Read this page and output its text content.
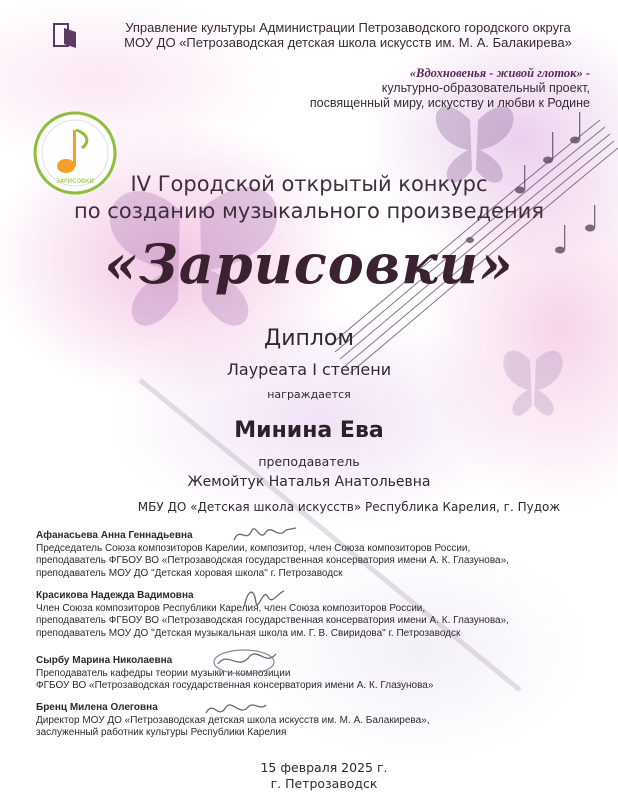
Управление культуры Администрации Петрозаводского городского округа
МОУ ДО «Петрозаводская детская школа искусств им. М. А. Балакирева»
«Вдохновенья - живой глоток» -
культурно-образовательный проект,
посвященный миру, искусству и любви к Родине
ЗАРИСОВКИ	IV Городской открытый конкурс
по созданию музыкального произведения
«Зарисовки»
Диплом
Лауреата I степени
награждается
Минина Ева
преподаватель
Жемойтук Наталья Анатольевна
МБУ ДО «Детская школа искусств» Республика Карелия, г. Пудож
Афанасьева Анна Геннадьевна
Председатель Союза композиторов Карелии, композитор, член Союза композиторов России,
преподаватель ФГБОУ ВО «Петрозаводская государственная консерватория имени А. К. Глазунова»,
преподаватель МОУ ДО "Детская хоровая школа" г. Петрозаводск
Красикова Надежда Вадимовна
Член Союза композиторов Республики Карелия, член Союза композиторов России,
преподаватель ФГБОУ ВО «Петрозаводская государственная консерватория имени А. К. Глазунова»,
преподаватель МОУ ДО "Детская музыкальная школа им. Г. В. Свиридова" г. Петрозаводск
Сырбу Марина Николаевна
Преподаватель кафедры теории музыки и композиции
ФГБОУ ВО «Петрозаводская государственная консерватория имени А. К. Глазунова»
Бренц Милена Олеговна
Директор МОУ ДО «Петрозаводская детская школа искусств им. М. А. Балакирева»,
заслуженный работник культуры Республики Карелия
15 февраля 2025 г.
г. Петрозаводск
